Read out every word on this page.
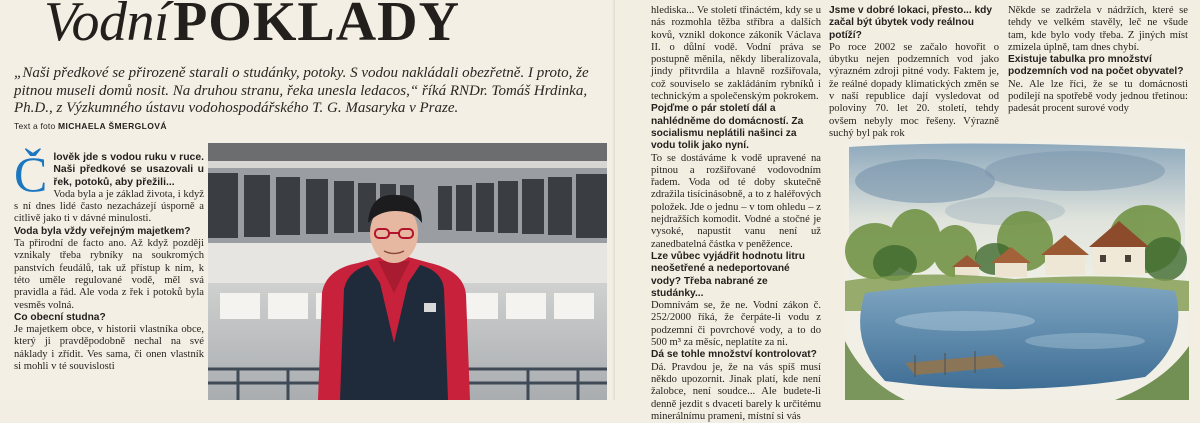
VodníPOKLADY

„Naši předkové se přirozeně starali o studánky, potoky. S vodou nakládali obezřetně. I proto, že pitnou museli domů nosit. Na druhou stranu, řeka unesla ledacos,“ říká RNDr. Tomáš Hrdinka, Ph.D., z Výzkumného ústavu vodohospodářského T. G. Masaryka v Praze.

Text a foto MICHAELA ŠMERGLOVÁ

Člověk jde s vodou ruku v ruce. Naši předkové se usazovali u řek, potoků, aby přežili...

Voda byla a je základ života, i když s ní dnes lidé často nezacházejí úsporně a citlivě jako ti v dávné minulosti.

Voda byla vždy veřejným majetkem?

Ta přirodní de facto ano. Až když později vznikaly třeba rybníky na soukromých panstvích feudálů, tak už přístup k nim, k této uměle regulované vodě, měl svá pravidla a řád. Ale voda z řek i potoků byla vesměs volná.

Co obecní studna?

Je majetkem obce, v historii vlastníka obce, který ji pravděpodobně nechal na své náklady i zřídit. Ves sama, či onen vlastník si mohli v té souvislosti

hlediska... Ve století třináctém, kdy se u nás rozmohla těžba stříbra a dalších kovů, vznikl dokonce zákoník Václava II. o důlní vodě. Vodní práva se postupně měnila, někdy liberalizovala, jindy přitvrdila a hlavně rozšiřovala, což souviselo se zakládáním rybníků i technickým a společenským pokrokem.

Pojďme o pár století dál a nahlédněme do domácností. Za socialismu neplátili našinci za vodu tolik jako nyní.

To se dostáváme k vodě upravené na pitnou a rozšiřované vodovodním řadem. Voda od té doby skutečně zdražila tisícinásobně, a to z haléřových položek. Jde o jednu – v tom ohledu – z nejdražších komodit. Vodné a stočné je vysoké, napustit vanu není už zanedbatelná částka v peněžence.

Lze vůbec vyjádřit hodnotu litru neošetřené a nedeportované vody? Třeba nabrané ze studánky...

Domnívám se, že ne. Vodní zákon č. 252/2000 říká, že čerpáte-li vodu z podzemní či povrchové vody, a to do 500 m³ za měsíc, neplatíte za ni.

Dá se tohle množství kontrolovat?

Dá. Pravdou je, že na vás spíš musí někdo upozornit. Jinak platí, kde není žalobce, není soudce... Ale budete-li denně jezdit s dvaceti barely k určitému minerálnímu prameni, místní si vás

Jsme v dobré lokaci, přesto... kdy začal být úbytek vody reálnou potíží?

Po roce 2002 se začalo hovořit o úbytku nejen podzemních vod jako výrazném zdroji pitné vody. Faktem je, že reálné dopady klimatických změn se v naší republice dají vysledovat od poloviny 70. let 20. století, tehdy ovšem nebyly moc řešeny. Výrazně suchý byl pak rok

Někde se zadržela v nádržích, které se tehdy ve velkém stavěly, leč ne všude tam, kde bylo vody třeba. Z jiných míst zmizela úplně, tam dnes chybí.

Existuje tabulka pro množství podzemních vod na počet obyvatel?

Ne. Ale lze říci, že se tu domácnosti podílejí na spotřebě vody jednou třetinou: padesát procent surové vody
